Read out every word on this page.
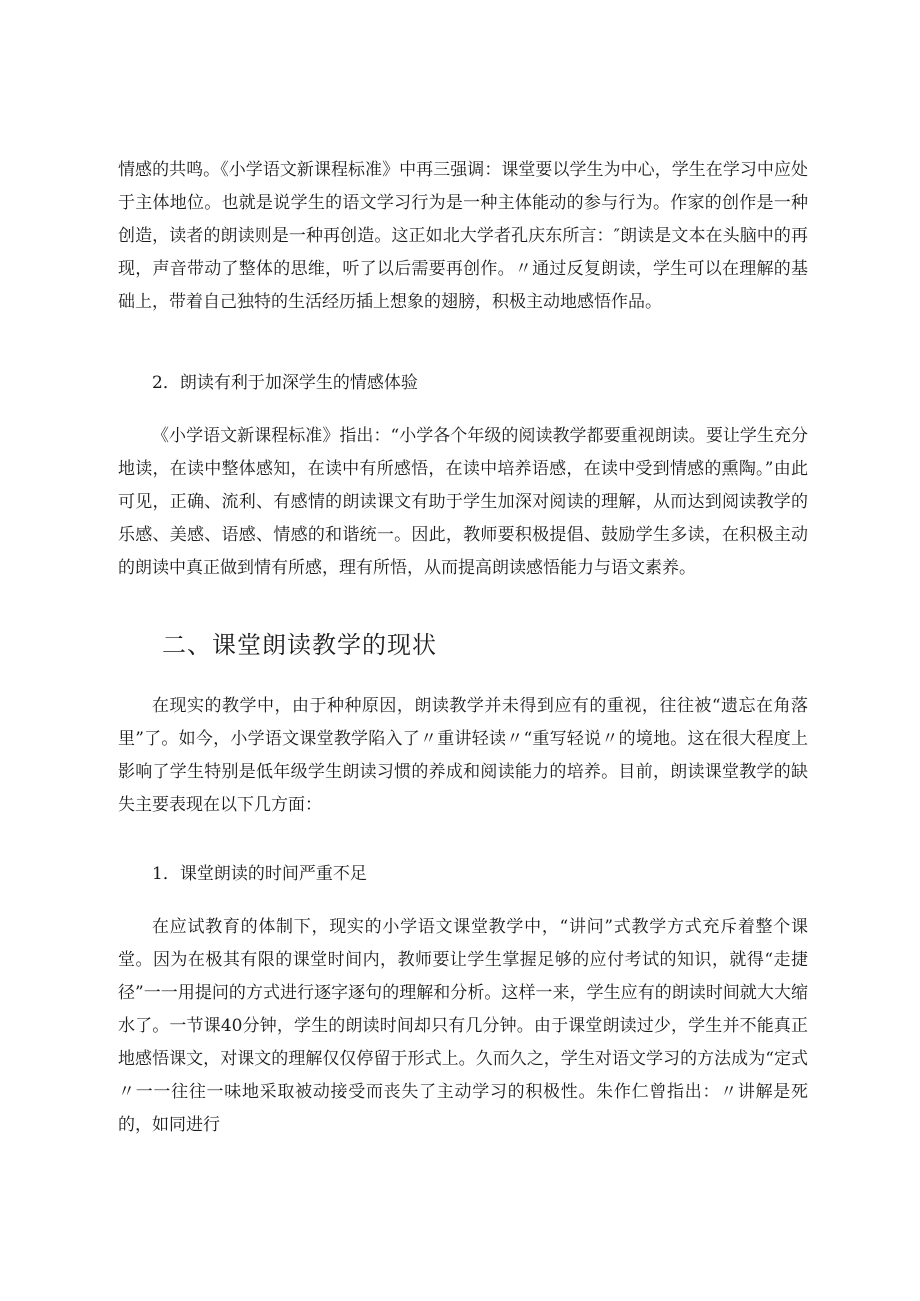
情感的共鸣。《小学语文新课程标准》中再三强调：课堂要以学生为中心，学生在学习中应处于主体地位。也就是说学生的语文学习行为是一种主体能动的参与行为。作家的创作是一种创造，读者的朗读则是一种再创造。这正如北大学者孔庆东所言：″朗读是文本在头脑中的再现，声音带动了整体的思维，听了以后需要再创作。〃通过反复朗读，学生可以在理解的基础上，带着自己独特的生活经历插上想象的翅膀，积极主动地感悟作品。

2．朗读有利于加深学生的情感体验

《小学语文新课程标准》指出：“小学各个年级的阅读教学都要重视朗读。要让学生充分地读，在读中整体感知，在读中有所感悟，在读中培养语感，在读中受到情感的熏陶。”由此可见，正确、流利、有感情的朗读课文有助于学生加深对阅读的理解，从而达到阅读教学的乐感、美感、语感、情感的和谐统一。因此，教师要积极提倡、鼓励学生多读，在积极主动的朗读中真正做到情有所感，理有所悟，从而提高朗读感悟能力与语文素养。

二、课堂朗读教学的现状

在现实的教学中，由于种种原因，朗读教学并未得到应有的重视，往往被“遗忘在角落里”了。如今，小学语文课堂教学陷入了〃重讲轻读〃“重写轻说〃的境地。这在很大程度上影响了学生特别是低年级学生朗读习惯的养成和阅读能力的培养。目前，朗读课堂教学的缺失主要表现在以下几方面：

1．课堂朗读的时间严重不足

在应试教育的体制下，现实的小学语文课堂教学中，“讲问”式教学方式充斥着整个课堂。因为在极其有限的课堂时间内，教师要让学生掌握足够的应付考试的知识，就得“走捷径”一一用提问的方式进行逐字逐句的理解和分析。这样一来，学生应有的朗读时间就大大缩水了。一节课40分钟，学生的朗读时间却只有几分钟。由于课堂朗读过少，学生并不能真正地感悟课文，对课文的理解仅仅停留于形式上。久而久之，学生对语文学习的方法成为“定式〃一一往往一味地采取被动接受而丧失了主动学习的积极性。朱作仁曾指出：〃讲解是死的，如同进行
